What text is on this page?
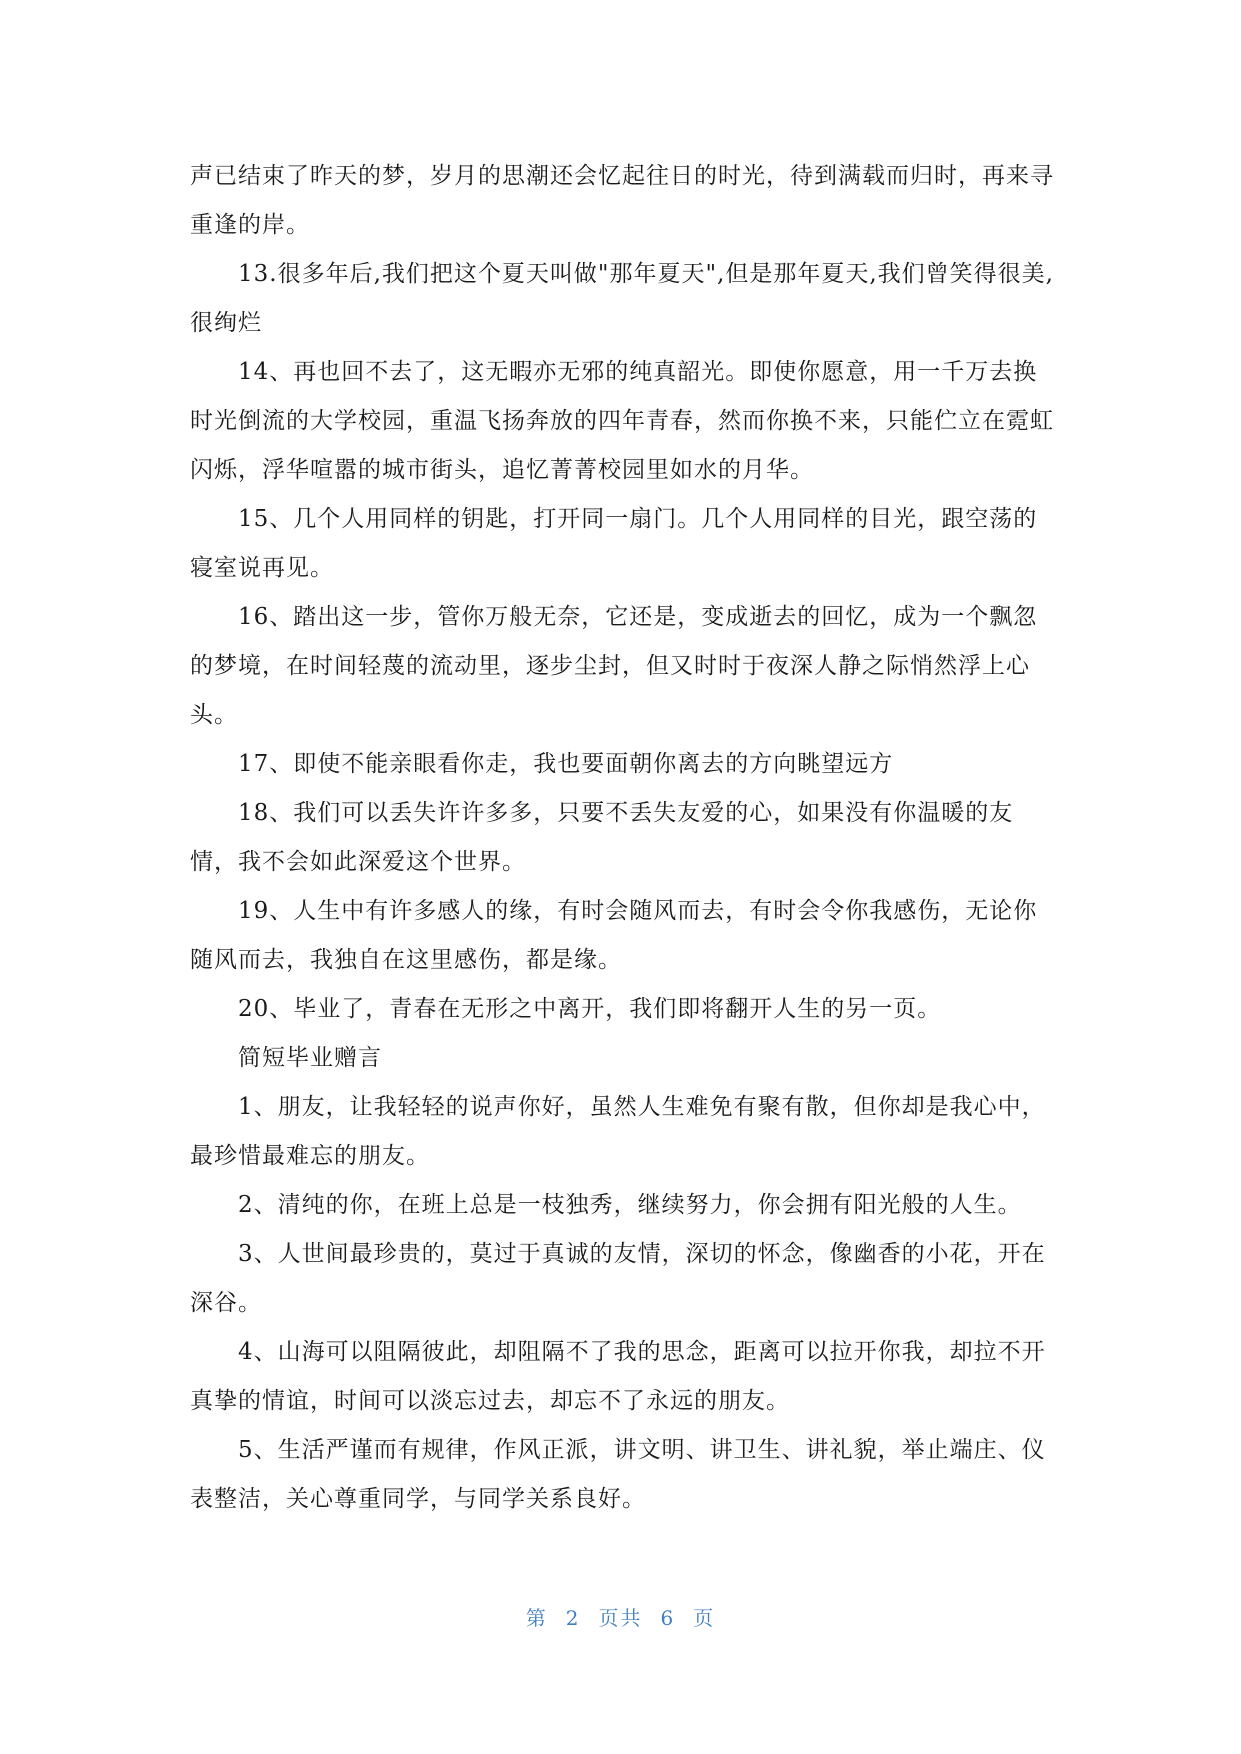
声已结束了昨天的梦，岁月的思潮还会忆起往日的时光，待到满载而归时，再来寻重逢的岸。

13.很多年后,我们把这个夏天叫做"那年夏天",但是那年夏天,我们曾笑得很美,很绚烂

14、再也回不去了，这无暇亦无邪的纯真韶光。即使你愿意，用一千万去换时光倒流的大学校园，重温飞扬奔放的四年青春，然而你换不来，只能伫立在霓虹闪烁，浮华喧嚣的城市街头，追忆菁菁校园里如水的月华。

15、几个人用同样的钥匙，打开同一扇门。几个人用同样的目光，跟空荡的寝室说再见。

16、踏出这一步，管你万般无奈，它还是，变成逝去的回忆，成为一个飘忽的梦境，在时间轻蔑的流动里，逐步尘封，但又时时于夜深人静之际悄然浮上心头。

17、即使不能亲眼看你走，我也要面朝你离去的方向眺望远方

18、我们可以丢失许许多多，只要不丢失友爱的心，如果没有你温暖的友情，我不会如此深爱这个世界。

19、人生中有许多感人的缘，有时会随风而去，有时会令你我感伤，无论你随风而去，我独自在这里感伤，都是缘。

20、毕业了，青春在无形之中离开，我们即将翻开人生的另一页。

简短毕业赠言

1、朋友，让我轻轻的说声你好，虽然人生难免有聚有散，但你却是我心中，最珍惜最难忘的朋友。

2、清纯的你，在班上总是一枝独秀，继续努力，你会拥有阳光般的人生。

3、人世间最珍贵的，莫过于真诚的友情，深切的怀念，像幽香的小花，开在深谷。

4、山海可以阻隔彼此，却阻隔不了我的思念，距离可以拉开你我，却拉不开真挚的情谊，时间可以淡忘过去，却忘不了永远的朋友。

5、生活严谨而有规律，作风正派，讲文明、讲卫生、讲礼貌，举止端庄、仪表整洁，关心尊重同学，与同学关系良好。

第 2 页共 6 页
